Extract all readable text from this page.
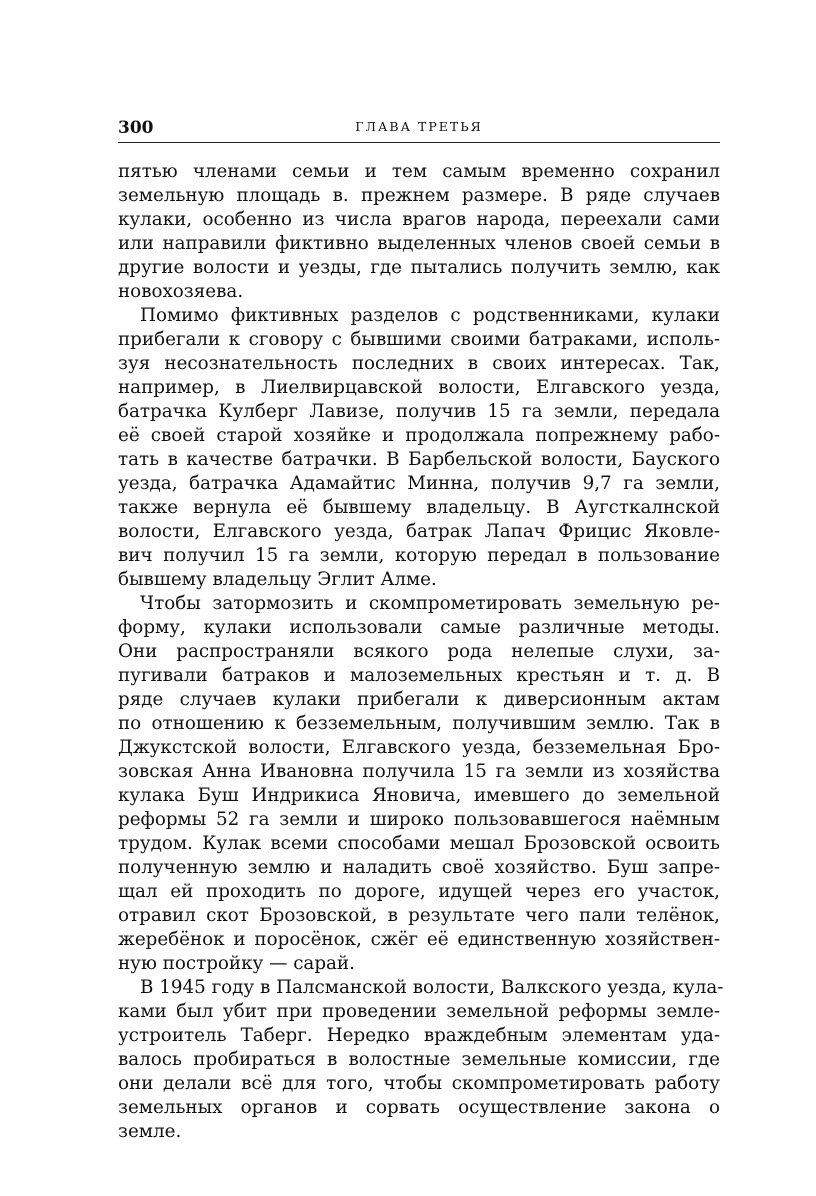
300	ГЛАВА ТРЕТЬЯ
пятью членами семьи и тем самым временно сохранил
земельную площадь в. прежнем размере. В ряде случаев
кулаки, особенно из числа врагов народа, переехали сами
или направили фиктивно выделенных членов своей семьи в
другие волости и уезды, где пытались получить землю, как
новохозяева.
Помимо фиктивных разделов с родственниками, кулаки
прибегали к сговору с бывшими своими батраками, исполь-
зуя несознательность последних в своих интересах. Так,
например, в Лиелвирцавской волости, Елгавского уезда,
батрачка Кулберг Лавизе, получив 15 га земли, передала
её своей старой хозяйке и продолжала попрежнему рабо-
тать в качестве батрачки. В Барбельской волости, Бауского
уезда, батрачка Адамайтис Минна, получив 9,7 га земли,
также вернула её бывшему владельцу. В Аугсткалнской
волости, Елгавского уезда, батрак Лапач Фрицис Яковле-
вич получил 15 га земли, которую передал в пользование
бывшему владельцу Эглит Алме.
Чтобы затормозить и скомпрометировать земельную ре-
форму, кулаки использовали самые различные методы.
Они распространяли всякого рода нелепые слухи, за-
пугивали батраков и малоземельных крестьян и т. д. В
ряде случаев кулаки прибегали к диверсионным актам
по отношению к безземельным, получившим землю. Так в
Джукстской волости, Елгавского уезда, безземельная Бро-
зовская Анна Ивановна получила 15 га земли из хозяйства
кулака Буш Индрикиса Яновича, имевшего до земельной
реформы 52 га земли и широко пользовавшегося наёмным
трудом. Кулак всеми способами мешал Брозовской освоить
полученную землю и наладить своё хозяйство. Буш запре-
щал ей проходить по дороге, идущей через его участок,
отравил скот Брозовской, в результате чего пали телёнок,
жеребёнок и поросёнок, сжёг её единственную хозяйствен-
ную постройку — сарай.
В 1945 году в Палсманской волости, Валкского уезда, кула-
ками был убит при проведении земельной реформы земле-
устроитель Таберг. Нередко враждебным элементам уда-
валось пробираться в волостные земельные комиссии, где
они делали всё для того, чтобы скомпрометировать работу
земельных органов и сорвать осуществление закона о
земле.
